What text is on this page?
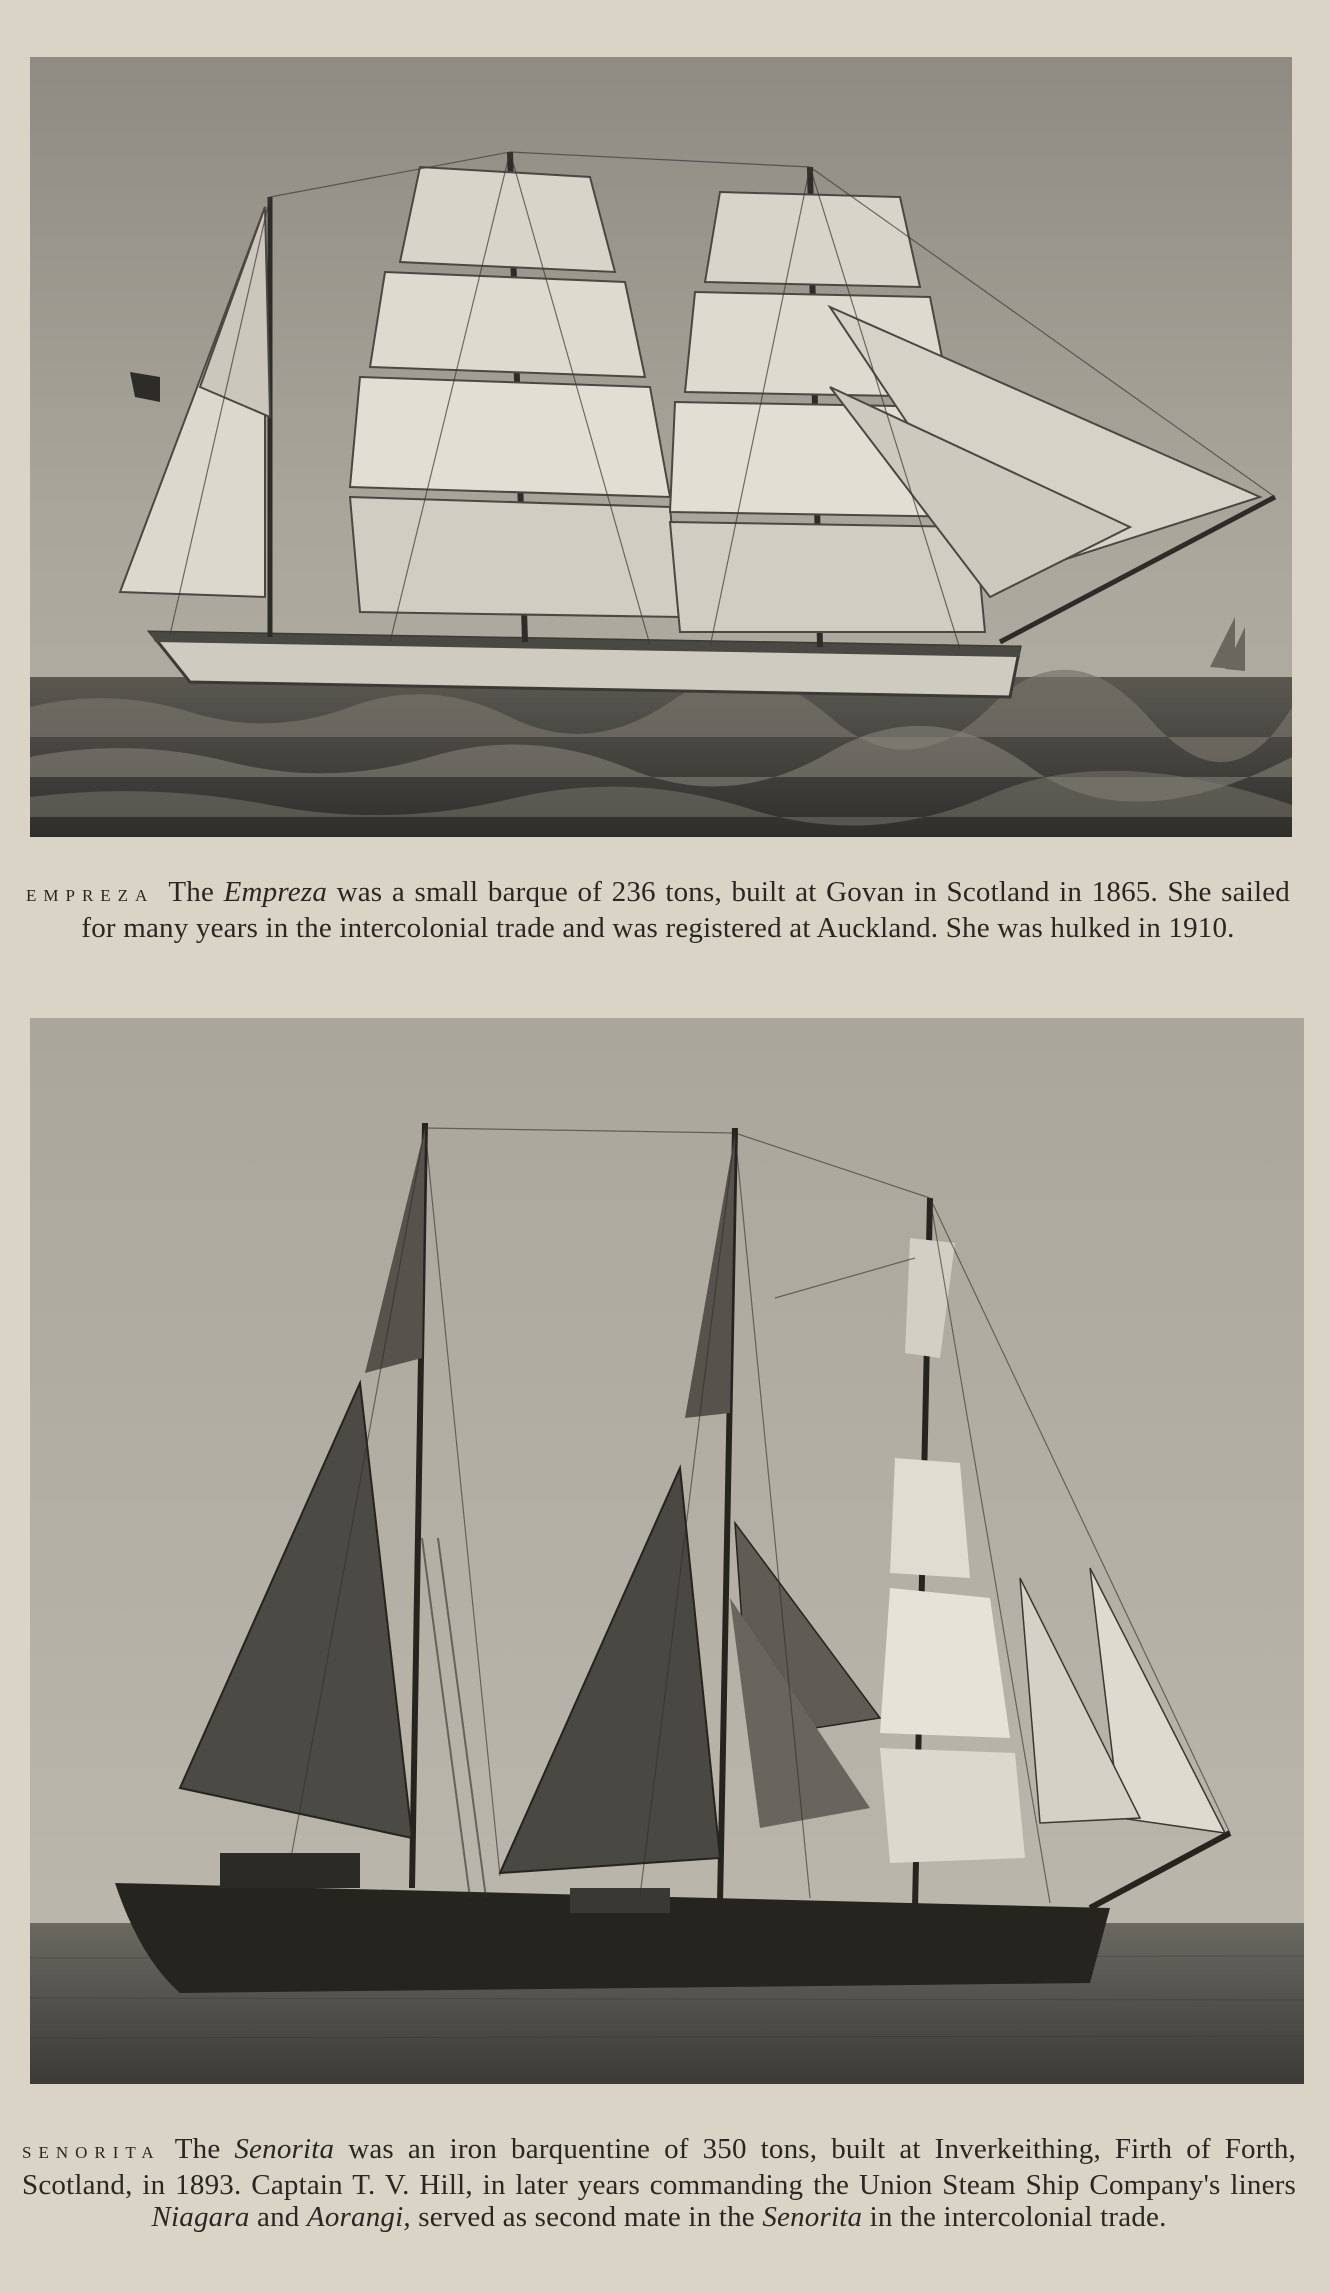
EMPREZA The Empreza was a small barque of 236 tons, built at Govan in Scotland in 1865. She sailed for many years in the intercolonial trade and was registered at Auckland. She was hulked in 1910.
SENORITA The Senorita was an iron barquentine of 350 tons, built at Inverkeithing, Firth of Forth, Scotland, in 1893. Captain T. V. Hill, in later years commanding the Union Steam Ship Company's liners Niagara and Aorangi, served as second mate in the Senorita in the intercolonial trade.
